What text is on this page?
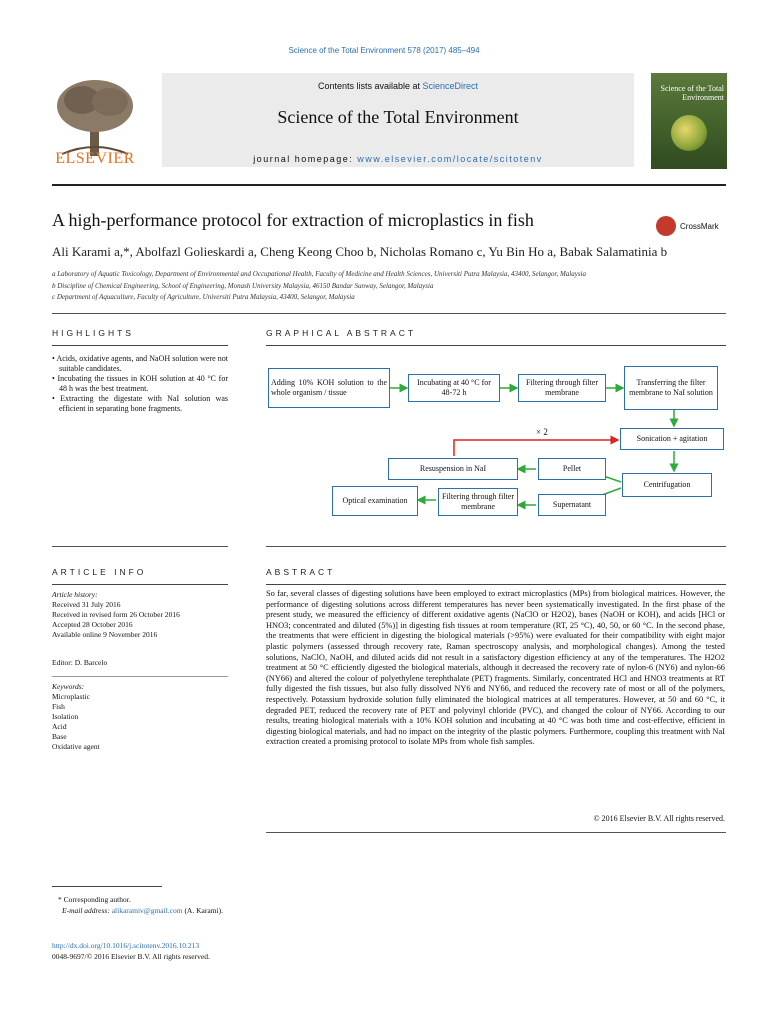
Science of the Total Environment 578 (2017) 485–494
ELSEVIER
Contents lists available at ScienceDirect
Science of the Total Environment
journal homepage: www.elsevier.com/locate/scitotenv
Science of the Total Environment
A high-performance protocol for extraction of microplastics in fish	CrossMark
Ali Karami a,*, Abolfazl Golieskardi a, Cheng Keong Choo b, Nicholas Romano c, Yu Bin Ho a, Babak Salamatinia b
a Laboratory of Aquatic Toxicology, Department of Environmental and Occupational Health, Faculty of Medicine and Health Sciences, Universiti Putra Malaysia, 43400, Selangor, Malaysia
b Discipline of Chemical Engineering, School of Engineering, Monash University Malaysia, 46150 Bandar Sunway, Selangor, Malaysia
c Department of Aquaculture, Faculty of Agriculture, Universiti Putra Malaysia, 43400, Selangor, Malaysia
HIGHLIGHTS
• Acids, oxidative agents, and NaOH solution were not suitable candidates.
• Incubating the tissues in KOH solution at 40 °C for 48 h was the best treatment.
• Extracting the digestate with NaI solution was efficient in separating bone fragments.
GRAPHICAL ABSTRACT
Adding 10% KOH solution to the whole organism / tissue
Incubating at 40 °C for 48-72 h
Filtering through filter membrane
Transferring the filter membrane to NaI solution
× 2
Sonication + agitation
Centrifugation
Pellet
Supernatant
Resuspension in NaI
Filtering through filter membrane
Optical examination
ARTICLE INFO
Article history:
Received 31 July 2016
Received in revised form 26 October 2016
Accepted 28 October 2016
Available online 9 November 2016
Editor: D. Barcelo
Keywords:
Microplastic
Fish
Isolation
Acid
Base
Oxidative agent
ABSTRACT
So far, several classes of digesting solutions have been employed to extract microplastics (MPs) from biological matrices. However, the performance of digesting solutions across different temperatures has never been systematically investigated. In the first phase of the present study, we measured the efficiency of different oxidative agents (NaClO or H2O2), bases (NaOH or KOH), and acids [HCl or HNO3; concentrated and diluted (5%)] in digesting fish tissues at room temperature (RT, 25 °C), 40, 50, or 60 °C. In the second phase, the treatments that were efficient in digesting the biological materials (>95%) were evaluated for their compatibility with eight major plastic polymers (assessed through recovery rate, Raman spectroscopy analysis, and morphological changes). Among the tested solutions, NaClO, NaOH, and diluted acids did not result in a satisfactory digestion efficiency at any of the temperatures. The H2O2 treatment at 50 °C efficiently digested the biological materials, although it decreased the recovery rate of nylon-6 (NY6) and nylon-66 (NY66) and altered the colour of polyethylene terephthalate (PET) fragments. Similarly, concentrated HCl and HNO3 treatments at RT fully digested the fish tissues, but also fully dissolved NY6 and NY66, and reduced the recovery rate of most or all of the polymers, respectively. Potassium hydroxide solution fully eliminated the biological matrices at all temperatures. However, at 50 and 60 °C, it degraded PET, reduced the recovery rate of PET and polyvinyl chloride (PVC), and changed the colour of NY66. According to our results, treating biological materials with a 10% KOH solution and incubating at 40 °C was both time and cost-effective, efficient in digesting biological materials, and had no impact on the integrity of the plastic polymers. Furthermore, coupling this treatment with NaI extraction created a promising protocol to isolate MPs from whole fish samples.
© 2016 Elsevier B.V. All rights reserved.
* Corresponding author.
E-mail address: alikaramiv@gmail.com (A. Karami).
http://dx.doi.org/10.1016/j.scitotenv.2016.10.213
0048-9697/© 2016 Elsevier B.V. All rights reserved.
